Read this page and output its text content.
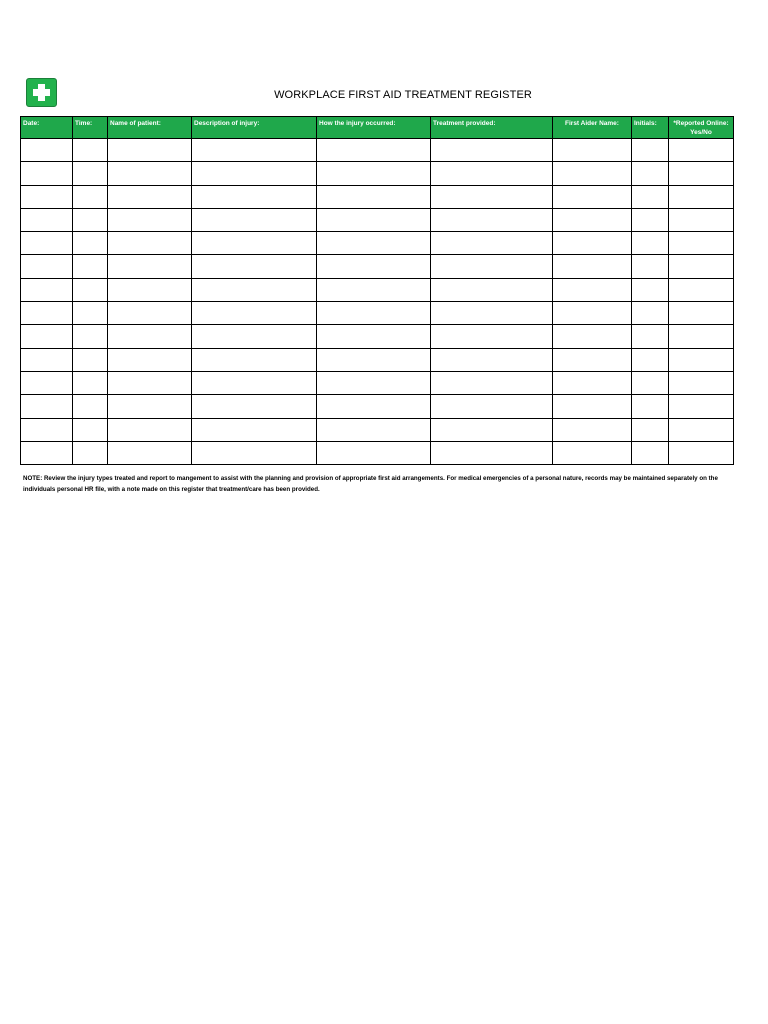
WORKPLACE FIRST AID TREATMENT REGISTER
Date:	Time:	Name of patient:	Description of injury:	How the injury occurred:	Treatment provided:	First Aider Name:	Initials:	*Reported Online: Yes/No

NOTE: Review the injury types treated and report to mangement to assist with the planning and provision of appropriate first aid arrangements. For medical emergencies of a personal nature, records may be maintained separately on the individuals personal HR file, with a note made on this register that treatment/care has been provided.
